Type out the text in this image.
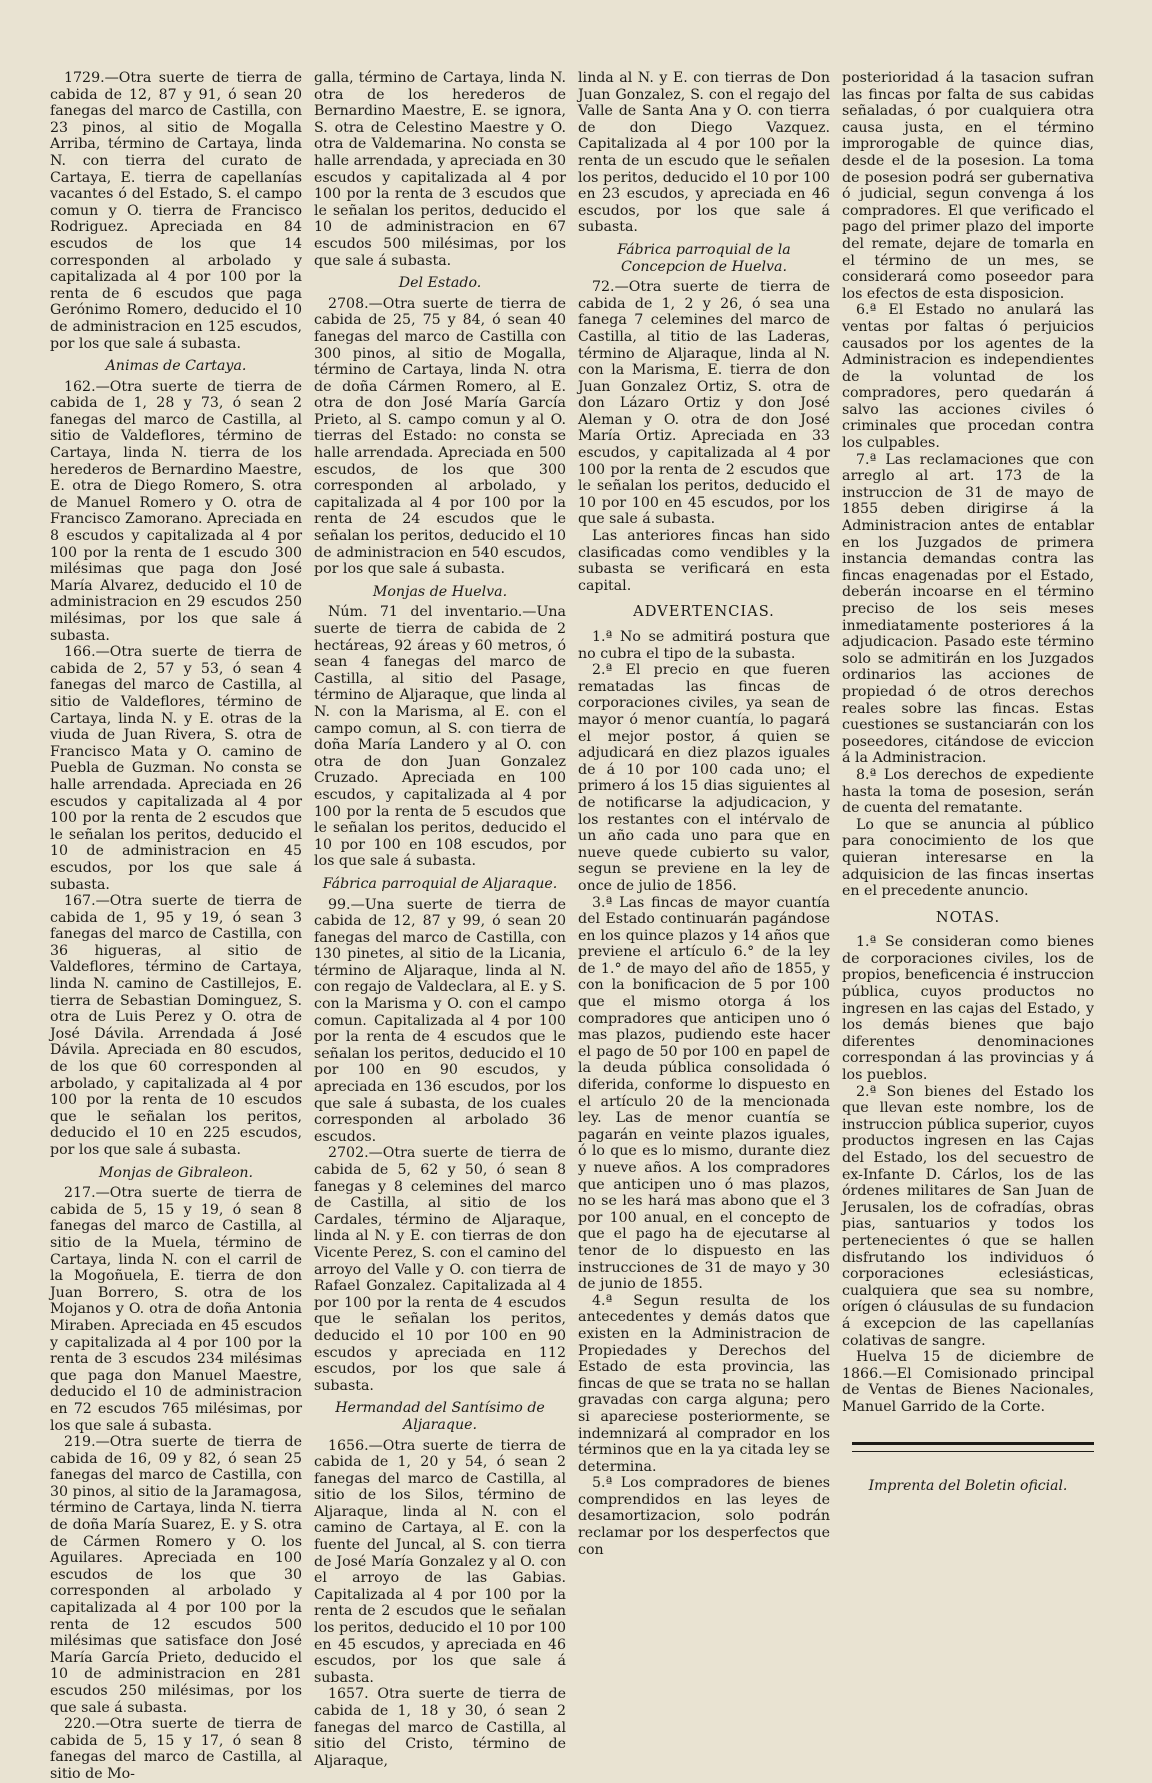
1729.—Otra suerte de tierra de cabida de 12, 87 y 91, ó sean 20 fanegas del marco de Castilla, con 23 pinos, al sitio de Mogalla Arriba, término de Cartaya, linda N. con tierra del curato de Cartaya, E. tierra de capellanías vacantes ó del Estado, S. el campo comun y O. tierra de Francisco Rodriguez. Apreciada en 84 escudos de los que 14 corresponden al arbolado y capitalizada al 4 por 100 por la renta de 6 escudos que paga Gerónimo Romero, deducido el 10 de administracion en 125 escudos, por los que sale á subasta.

Animas de Cartaya.

162.—Otra suerte de tierra de cabida de 1, 28 y 73, ó sean 2 fanegas del marco de Castilla, al sitio de Valdeflores, término de Cartaya, linda N. tierra de los herederos de Bernardino Maestre, E. otra de Diego Romero, S. otra de Manuel Romero y O. otra de Francisco Zamorano. Apreciada en 8 escudos y capitalizada al 4 por 100 por la renta de 1 escudo 300 milésimas que paga don José María Alvarez, deducido el 10 de administracion en 29 escudos 250 milésimas, por los que sale á subasta.

166.—Otra suerte de tierra de cabida de 2, 57 y 53, ó sean 4 fanegas del marco de Castilla, al sitio de Valdeflores, término de Cartaya, linda N. y E. otras de la viuda de Juan Rivera, S. otra de Francisco Mata y O. camino de Puebla de Guzman. No consta se halle arrendada. Apreciada en 26 escudos y capitalizada al 4 por 100 por la renta de 2 escudos que le señalan los peritos, deducido el 10 de administracion en 45 escudos, por los que sale á subasta.

167.—Otra suerte de tierra de cabida de 1, 95 y 19, ó sean 3 fanegas del marco de Castilla, con 36 higueras, al sitio de Valdeflores, término de Cartaya, linda N. camino de Castillejos, E. tierra de Sebastian Dominguez, S. otra de Luis Perez y O. otra de José Dávila. Arrendada á José Dávila. Apreciada en 80 escudos, de los que 60 corresponden al arbolado, y capitalizada al 4 por 100 por la renta de 10 escudos que le señalan los peritos, deducido el 10 en 225 escudos, por los que sale á subasta.

Monjas de Gibraleon.

217.—Otra suerte de tierra de cabida de 5, 15 y 19, ó sean 8 fanegas del marco de Castilla, al sitio de la Muela, término de Cartaya, linda N. con el carril de la Mogoñuela, E. tierra de don Juan Borrero, S. otra de los Mojanos y O. otra de doña Antonia Miraben. Apreciada en 45 escudos y capitalizada al 4 por 100 por la renta de 3 escudos 234 milésimas que paga don Manuel Maestre, deducido el 10 de administracion en 72 escudos 765 milésimas, por los que sale á subasta.

219.—Otra suerte de tierra de cabida de 16, 09 y 82, ó sean 25 fanegas del marco de Castilla, con 30 pinos, al sitio de la Jaramagosa, término de Cartaya, linda N. tierra de doña María Suarez, E. y S. otra de Cármen Romero y O. los Aguilares. Apreciada en 100 escudos de los que 30 corresponden al arbolado y capitalizada al 4 por 100 por la renta de 12 escudos 500 milésimas que satisface don José María García Prieto, deducido el 10 de administracion en 281 escudos 250 milésimas, por los que sale á subasta.

220.—Otra suerte de tierra de cabida de 5, 15 y 17, ó sean 8 fanegas del marco de Castilla, al sitio de Mo-

galla, término de Cartaya, linda N. otra de los herederos de Bernardino Maestre, E. se ignora, S. otra de Celestino Maestre y O. otra de Valdemarina. No consta se halle arrendada, y apreciada en 30 escudos y capitalizada al 4 por 100 por la renta de 3 escudos que le señalan los peritos, deducido el 10 de administracion en 67 escudos 500 milésimas, por los que sale á subasta.

Del Estado.

2708.—Otra suerte de tierra de cabida de 25, 75 y 84, ó sean 40 fanegas del marco de Castilla con 300 pinos, al sitio de Mogalla, término de Cartaya, linda N. otra de doña Cármen Romero, al E. otra de don José María García Prieto, al S. campo comun y al O. tierras del Estado: no consta se halle arrendada. Apreciada en 500 escudos, de los que 300 corresponden al arbolado, y capitalizada al 4 por 100 por la renta de 24 escudos que le señalan los peritos, deducido el 10 de administracion en 540 escudos, por los que sale á subasta.

Monjas de Huelva.

Núm. 71 del inventario.—Una suerte de tierra de cabida de 2 hectáreas, 92 áreas y 60 metros, ó sean 4 fanegas del marco de Castilla, al sitio del Pasage, término de Aljaraque, que linda al N. con la Marisma, al E. con el campo comun, al S. con tierra de doña María Landero y al O. con otra de don Juan Gonzalez Cruzado. Apreciada en 100 escudos, y capitalizada al 4 por 100 por la renta de 5 escudos que le señalan los peritos, deducido el 10 por 100 en 108 escudos, por los que sale á subasta.

Fábrica parroquial de Aljaraque.

99.—Una suerte de tierra de cabida de 12, 87 y 99, ó sean 20 fanegas del marco de Castilla, con 130 pinetes, al sitio de la Licania, término de Aljaraque, linda al N. con regajo de Valdeclara, al E. y S. con la Marisma y O. con el campo comun. Capitalizada al 4 por 100 por la renta de 4 escudos que le señalan los peritos, deducido el 10 por 100 en 90 escudos, y apreciada en 136 escudos, por los que sale á subasta, de los cuales corresponden al arbolado 36 escudos.

2702.—Otra suerte de tierra de cabida de 5, 62 y 50, ó sean 8 fanegas y 8 celemines del marco de Castilla, al sitio de los Cardales, término de Aljaraque, linda al N. y E. con tierras de don Vicente Perez, S. con el camino del arroyo del Valle y O. con tierra de Rafael Gonzalez. Capitalizada al 4 por 100 por la renta de 4 escudos que le señalan los peritos, deducido el 10 por 100 en 90 escudos y apreciada en 112 escudos, por los que sale á subasta.

Hermandad del Santísimo de Aljaraque.

1656.—Otra suerte de tierra de cabida de 1, 20 y 54, ó sean 2 fanegas del marco de Castilla, al sitio de los Silos, término de Aljaraque, linda al N. con el camino de Cartaya, al E. con la fuente del Juncal, al S. con tierra de José María Gonzalez y al O. con el arroyo de las Gabias. Capitalizada al 4 por 100 por la renta de 2 escudos que le señalan los peritos, deducido el 10 por 100 en 45 escudos, y apreciada en 46 escudos, por los que sale á subasta.

1657. Otra suerte de tierra de cabida de 1, 18 y 30, ó sean 2 fanegas del marco de Castilla, al sitio del Cristo, término de Aljaraque,

linda al N. y E. con tierras de Don Juan Gonzalez, S. con el regajo del Valle de Santa Ana y O. con tierra de don Diego Vazquez. Capitalizada al 4 por 100 por la renta de un escudo que le señalen los peritos, deducido el 10 por 100 en 23 escudos, y apreciada en 46 escudos, por los que sale á subasta.

Fábrica parroquial de la Concepcion de Huelva.

72.—Otra suerte de tierra de cabida de 1, 2 y 26, ó sea una fanega 7 celemines del marco de Castilla, al titio de las Laderas, término de Aljaraque, linda al N. con la Marisma, E. tierra de don Juan Gonzalez Ortiz, S. otra de don Lázaro Ortiz y don José Aleman y O. otra de don José María Ortiz. Apreciada en 33 escudos, y capitalizada al 4 por 100 por la renta de 2 escudos que le señalan los peritos, deducido el 10 por 100 en 45 escudos, por los que sale á subasta.

Las anteriores fincas han sido clasificadas como vendibles y la subasta se verificará en esta capital.

ADVERTENCIAS.

1.ª No se admitirá postura que no cubra el tipo de la subasta.

2.ª El precio en que fueren rematadas las fincas de corporaciones civiles, ya sean de mayor ó menor cuantía, lo pagará el mejor postor, á quien se adjudicará en diez plazos iguales de á 10 por 100 cada uno; el primero á los 15 dias siguientes al de notificarse la adjudicacion, y los restantes con el intérvalo de un año cada uno para que en nueve quede cubierto su valor, segun se previene en la ley de once de julio de 1856.

3.ª Las fincas de mayor cuantía del Estado continuarán pagándose en los quince plazos y 14 años que previene el artículo 6.° de la ley de 1.° de mayo del año de 1855, y con la bonificacion de 5 por 100 que el mismo otorga á los compradores que anticipen uno ó mas plazos, pudiendo este hacer el pago de 50 por 100 en papel de la deuda pública consolidada ó diferida, conforme lo dispuesto en el artículo 20 de la mencionada ley. Las de menor cuantía se pagarán en veinte plazos iguales, ó lo que es lo mismo, durante diez y nueve años. A los compradores que anticipen uno ó mas plazos, no se les hará mas abono que el 3 por 100 anual, en el concepto de que el pago ha de ejecutarse al tenor de lo dispuesto en las instrucciones de 31 de mayo y 30 de junio de 1855.

4.ª Segun resulta de los antecedentes y demás datos que existen en la Administracion de Propiedades y Derechos del Estado de esta provincia, las fincas de que se trata no se hallan gravadas con carga alguna; pero si apareciese posteriormente, se indemnizará al comprador en los términos que en la ya citada ley se determina.

5.ª Los compradores de bienes comprendidos en las leyes de desamortizacion, solo podrán reclamar por los desperfectos que con

posterioridad á la tasacion sufran las fincas por falta de sus cabidas señaladas, ó por cualquiera otra causa justa, en el término improrogable de quince dias, desde el de la posesion. La toma de posesion podrá ser gubernativa ó judicial, segun convenga á los compradores. El que verificado el pago del primer plazo del importe del remate, dejare de tomarla en el término de un mes, se considerará como poseedor para los efectos de esta disposicion.

6.ª El Estado no anulará las ventas por faltas ó perjuicios causados por los agentes de la Administracion es independientes de la voluntad de los compradores, pero quedarán á salvo las acciones civiles ó criminales que procedan contra los culpables.

7.ª Las reclamaciones que con arreglo al art. 173 de la instruccion de 31 de mayo de 1855 deben dirigirse á la Administracion antes de entablar en los Juzgados de primera instancia demandas contra las fincas enagenadas por el Estado, deberán incoarse en el término preciso de los seis meses inmediatamente posteriores á la adjudicacion. Pasado este término solo se admitirán en los Juzgados ordinarios las acciones de propiedad ó de otros derechos reales sobre las fincas. Estas cuestiones se sustanciarán con los poseedores, citándose de eviccion á la Administracion.

8.ª Los derechos de expediente hasta la toma de posesion, serán de cuenta del rematante.

Lo que se anuncia al público para conocimiento de los que quieran interesarse en la adquisicion de las fincas insertas en el precedente anuncio.

NOTAS.

1.ª Se consideran como bienes de corporaciones civiles, los de propios, beneficencia é instruccion pública, cuyos productos no ingresen en las cajas del Estado, y los demás bienes que bajo diferentes denominaciones correspondan á las provincias y á los pueblos.

2.ª Son bienes del Estado los que llevan este nombre, los de instruccion pública superior, cuyos productos ingresen en las Cajas del Estado, los del secuestro de ex-Infante D. Cárlos, los de las órdenes militares de San Juan de Jerusalen, los de cofradías, obras pias, santuarios y todos los pertenecientes ó que se hallen disfrutando los individuos ó corporaciones eclesiásticas, cualquiera que sea su nombre, orígen ó cláusulas de su fundacion á excepcion de las capellanías colativas de sangre.

Huelva 15 de diciembre de 1866.—El Comisionado principal de Ventas de Bienes Nacionales, Manuel Garrido de la Corte.

Imprenta del Boletin oficial.
